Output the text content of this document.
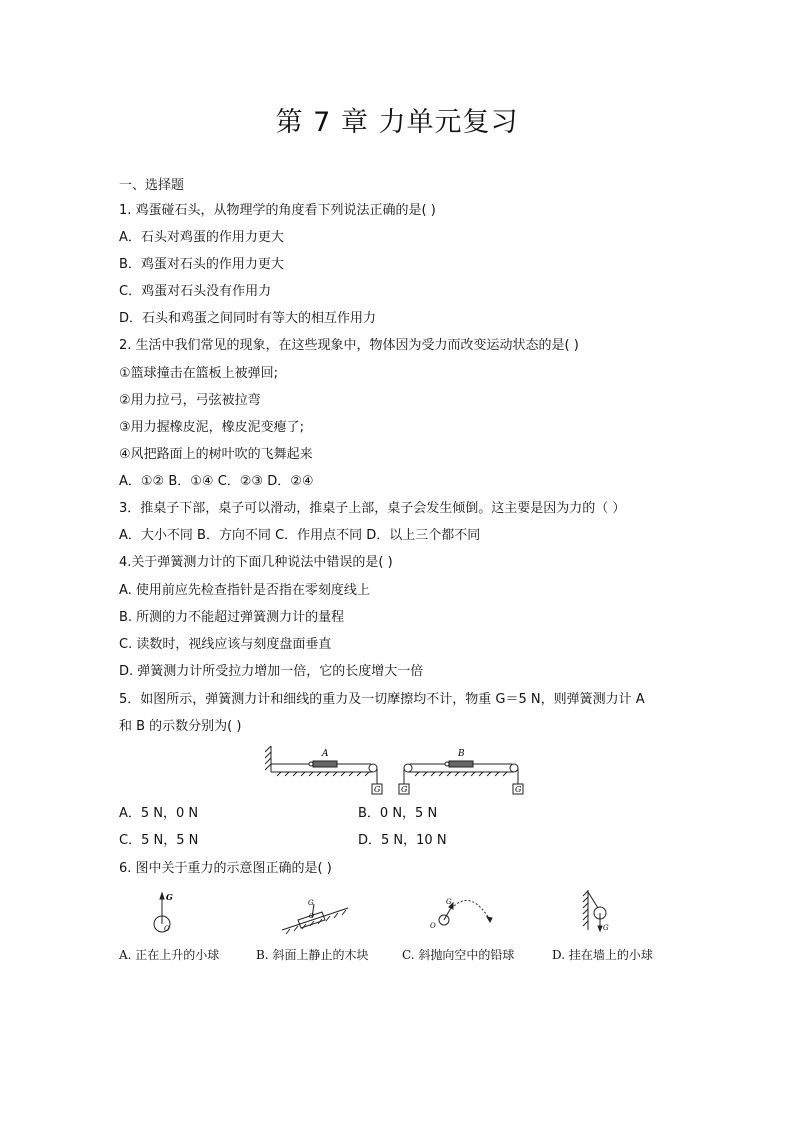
第 7 章 力单元复习
一、选择题
1. 鸡蛋碰石头，从物理学的角度看下列说法正确的是( )
A．石头对鸡蛋的作用力更大
B．鸡蛋对石头的作用力更大
C．鸡蛋对石头没有作用力
D．石头和鸡蛋之间同时有等大的相互作用力
2. 生活中我们常见的现象，在这些现象中，物体因为受力而改变运动状态的是( )
①篮球撞击在篮板上被弹回;
②用力拉弓，弓弦被拉弯
③用力握橡皮泥，橡皮泥变瘪了;
④风把路面上的树叶吹的飞舞起来
A．①② B．①④ C．②③ D．②④
3．推桌子下部，桌子可以滑动，推桌子上部，桌子会发生倾倒。这主要是因为力的（ ）
A．大小不同 B．方向不同 C．作用点不同 D．以上三个都不同
4.关于弹簧测力计的下面几种说法中错误的是( )
A. 使用前应先检查指针是否指在零刻度线上
B. 所测的力不能超过弹簧测力计的量程
C. 读数时，视线应该与刻度盘面垂直
D. 弹簧测力计所受拉力增加一倍，它的长度增大一倍
5．如图所示，弹簧测力计和细线的重力及一切摩擦均不计，物重 G＝5 N，则弹簧测力计 A
和 B 的示数分别为( )
A	B
G	G	G
A．5 N，0 N	B．0 N，5 N
C．5 N，5 N	D．5 N，10 N
6. 图中关于重力的示意图正确的是( )
G
O
G
O
G
O	G
A. 正在上升的小球	B. 斜面上静止的木块	C. 斜抛向空中的铅球	D. 挂在墙上的小球
